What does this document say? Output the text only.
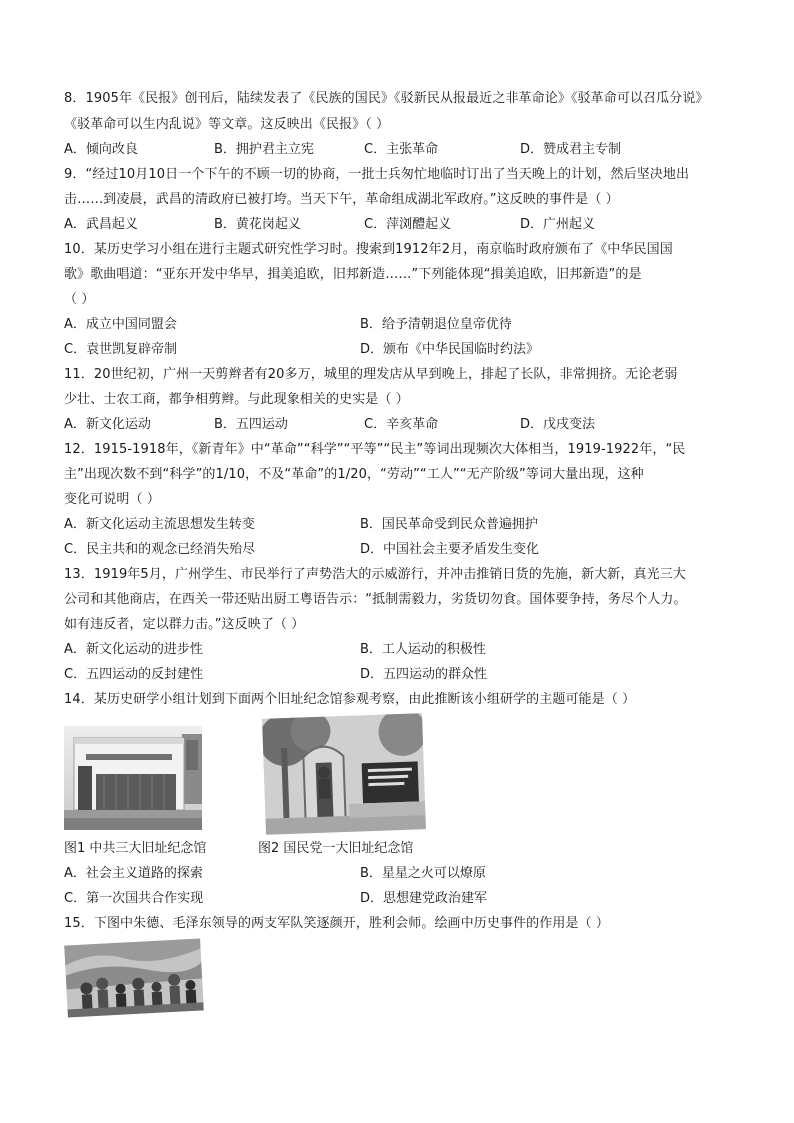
8．1905年《民报》创刊后，陆续发表了《民族的国民》《驳新民从报最近之非革命论》《驳革命可以召瓜分说》
《驳革命可以生内乱说》等文章。这反映出《民报》（ ）
A．倾向改良	B．拥护君主立宪	C．主张革命	D．赞成君主专制
9．“经过10月10日一个下午的不顾一切的协商，一批士兵匆忙地临时订出了当天晚上的计划，然后坚决地出
击……到凌晨，武昌的清政府已被打垮。当天下午，革命组成湖北军政府。”这反映的事件是（ ）
A．武昌起义	B．黄花岗起义	C．萍浏醴起义	D．广州起义
10．某历史学习小组在进行主题式研究性学习时。搜索到1912年2月，南京临时政府颁布了《中华民国国
歌》歌曲唱道：“亚东开发中华早，揖美追欧，旧邦新造……”下列能体现“揖美追欧，旧邦新造”的是
（ ）
A．成立中国同盟会	B．给予清朝退位皇帝优待
C．袁世凯复辟帝制	D．颁布《中华民国临时约法》
11．20世纪初，广州一天剪辫者有20多万，城里的理发店从早到晚上，排起了长队，非常拥挤。无论老弱
少壮、士农工商，都争相剪辫。与此现象相关的史实是（ ）
A．新文化运动	B．五四运动	C．辛亥革命	D．戊戌变法
12．1915-1918年，《新青年》中“革命”“科学”“平等”“民主”等词出现频次大体相当，1919-1922年，“民
主”出现次数不到“科学”的1/10，不及“革命”的1/20，“劳动”“工人”“无产阶级”等词大量出现，这种
变化可说明（ ）
A．新文化运动主流思想发生转变	B．国民革命受到民众普遍拥护
C．民主共和的观念已经消失殆尽	D．中国社会主要矛盾发生变化
13．1919年5月，广州学生、市民举行了声势浩大的示威游行，并冲击推销日货的先施，新大新，真光三大
公司和其他商店，在西关一带还贴出厨工粤语告示：“抵制需毅力，劣货切勿食。国体要争持，务尽个人力。
如有违反者，定以群力击。”这反映了（ ）
A．新文化运动的进步性	B．工人运动的积极性
C．五四运动的反封建性	D．五四运动的群众性
14．某历史研学小组计划到下面两个旧址纪念馆参观考察，由此推断该小组研学的主题可能是（ ）
图1 中共三大旧址纪念馆	图2 国民党一大旧址纪念馆
A．社会主义道路的探索	B．星星之火可以燎原
C．第一次国共合作实现	D．思想建党政治建军
15．下图中朱德、毛泽东领导的两支军队笑逐颜开，胜利会师。绘画中历史事件的作用是（ ）
